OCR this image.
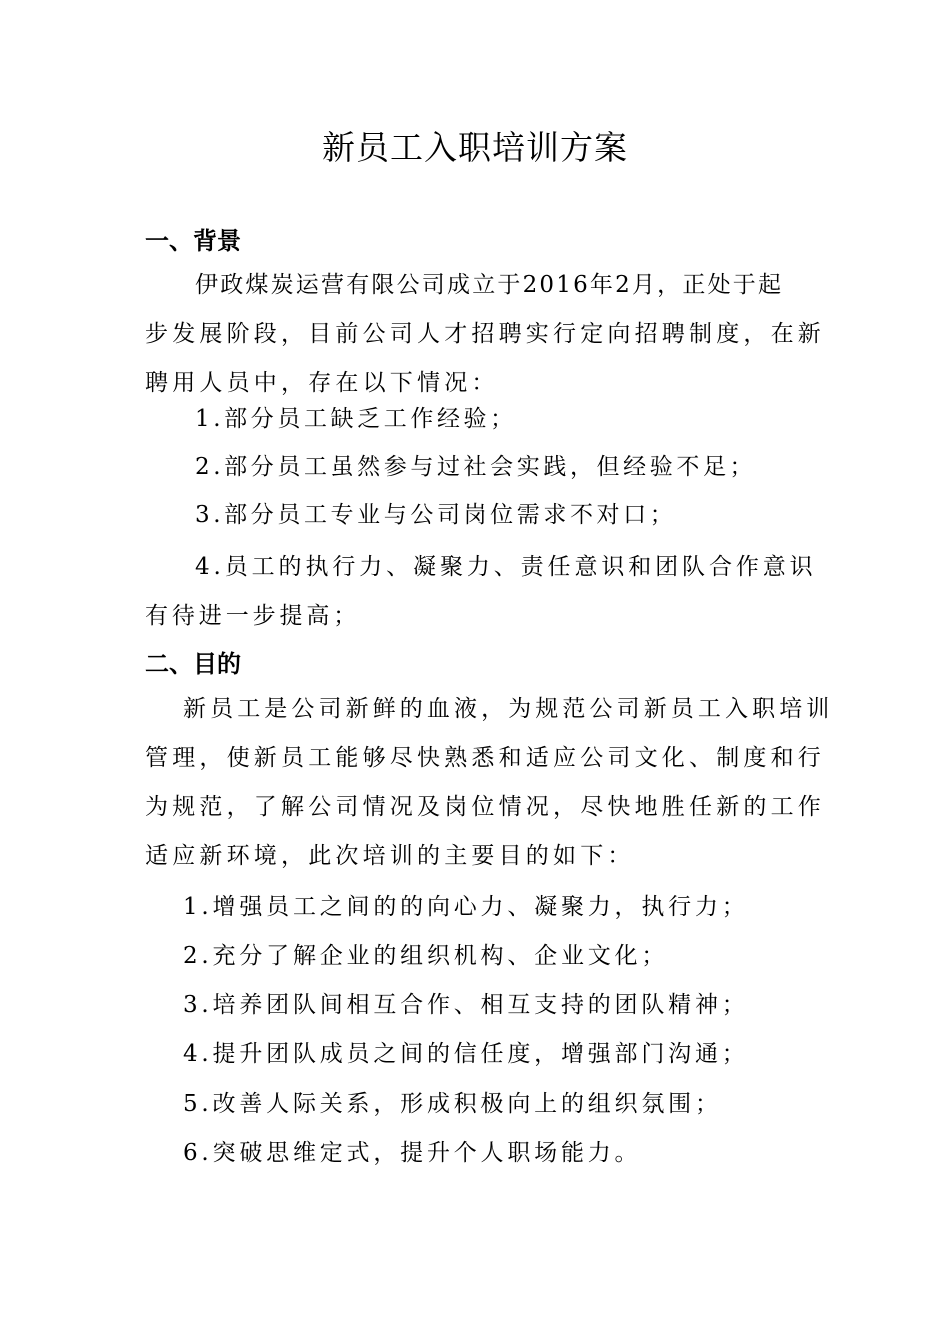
新员工入职培训方案
一、背景
伊政煤炭运营有限公司成立于2016年2月，正处于起
步发展阶段，目前公司人才招聘实行定向招聘制度，在新
聘用人员中，存在以下情况：

1.部分员工缺乏工作经验；

2.部分员工虽然参与过社会实践，但经验不足；

3.部分员工专业与公司岗位需求不对口；

4.员工的执行力、凝聚力、责任意识和团队合作意识
有待进一步提高；
二、目的
新员工是公司新鲜的血液，为规范公司新员工入职培训
管理，使新员工能够尽快熟悉和适应公司文化、制度和行
为规范，了解公司情况及岗位情况，尽快地胜任新的工作
适应新环境，此次培训的主要目的如下：

1.增强员工之间的的向心力、凝聚力，执行力；

2.充分了解企业的组织机构、企业文化；

3.培养团队间相互合作、相互支持的团队精神；

4.提升团队成员之间的信任度，增强部门沟通；

5.改善人际关系，形成积极向上的组织氛围；

6.突破思维定式，提升个人职场能力。
